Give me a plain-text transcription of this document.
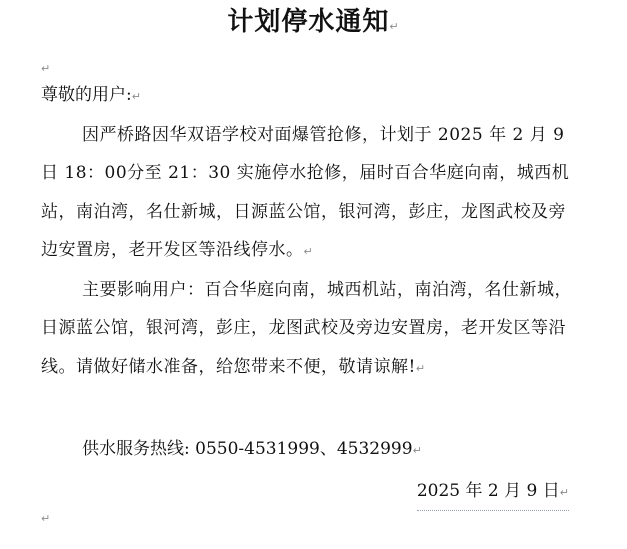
计划停水通知↵
↵
尊敬的用户:↵
因严桥路因华双语学校对面爆管抢修，计划于 2025 年 2 月 9 日 18：00分至 21：30 实施停水抢修，届时百合华庭向南，城西机站，南泊湾，名仕新城，日源蓝公馆，银河湾，彭庄，龙图武校及旁边安置房，老开发区等沿线停水。↵
主要影响用户：百合华庭向南，城西机站，南泊湾，名仕新城，日源蓝公馆，银河湾，彭庄，龙图武校及旁边安置房，老开发区等沿线。请做好储水准备，给您带来不便，敬请谅解!↵
供水服务热线: 0550-4531999、4532999↵
2025 年 2 月 9 日↵
↵
